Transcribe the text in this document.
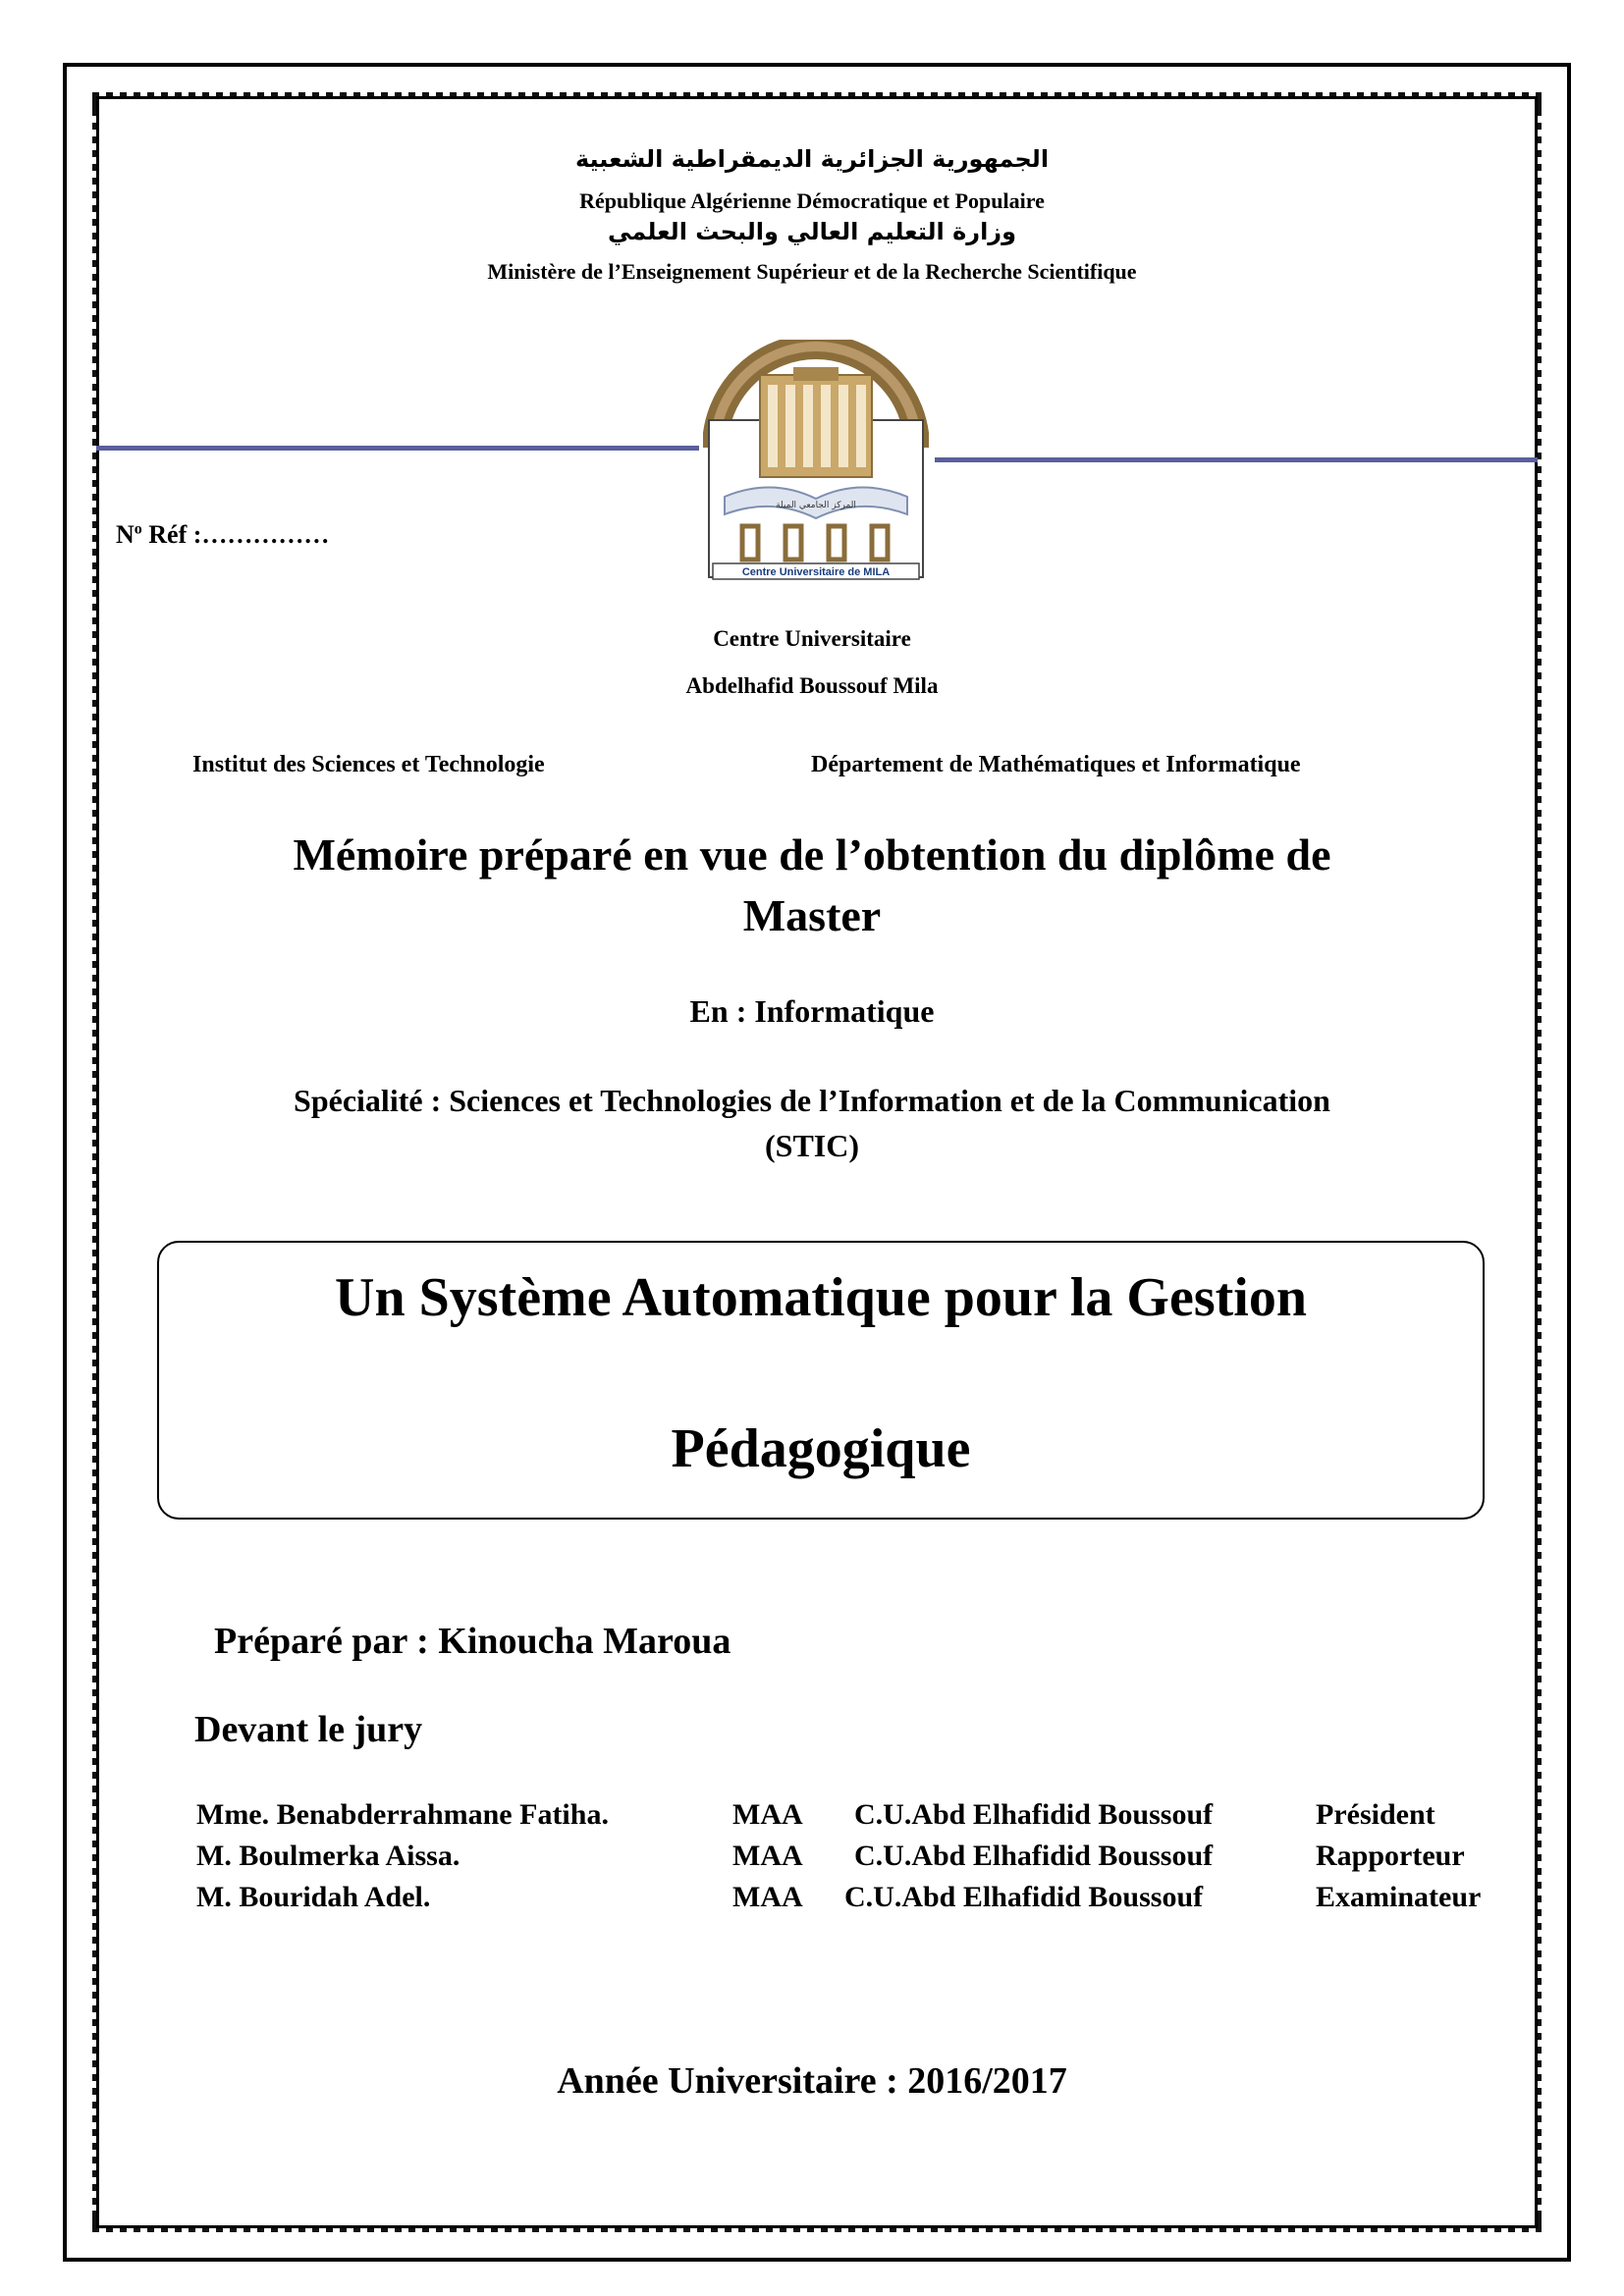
الجمهورية الجزائرية الديمقراطية الشعبية
République Algérienne Démocratique et Populaire
وزارة التعليم العالي والبحث العلمي
Ministère de l’Enseignement Supérieur et de la Recherche Scientifique
المركز الجامعي الميلة
Centre Universitaire de MILA
$N^o$ Réf :……………
Centre Universitaire
Abdelhafid Boussouf Mila
Institut des Sciences et Technologie	Département de Mathématiques et Informatique
Mémoire préparé en vue de l’obtention du diplôme de
Master
En : Informatique
Spécialité : Sciences et Technologies de l’Information et de la Communication
(STIC)
Un Système Automatique pour la Gestion
Pédagogique
Préparé par : Kinoucha Maroua
Devant le jury
Mme. Benabderrahmane Fatiha.	MAA C.U.Abd Elhafidid Boussouf	Président
M. Boulmerka Aissa.	MAA C.U.Abd Elhafidid Boussouf	Rapporteur
M. Bouridah Adel.	MAA C.U.Abd Elhafidid Boussouf	Examinateur
Année Universitaire : 2016/2017
